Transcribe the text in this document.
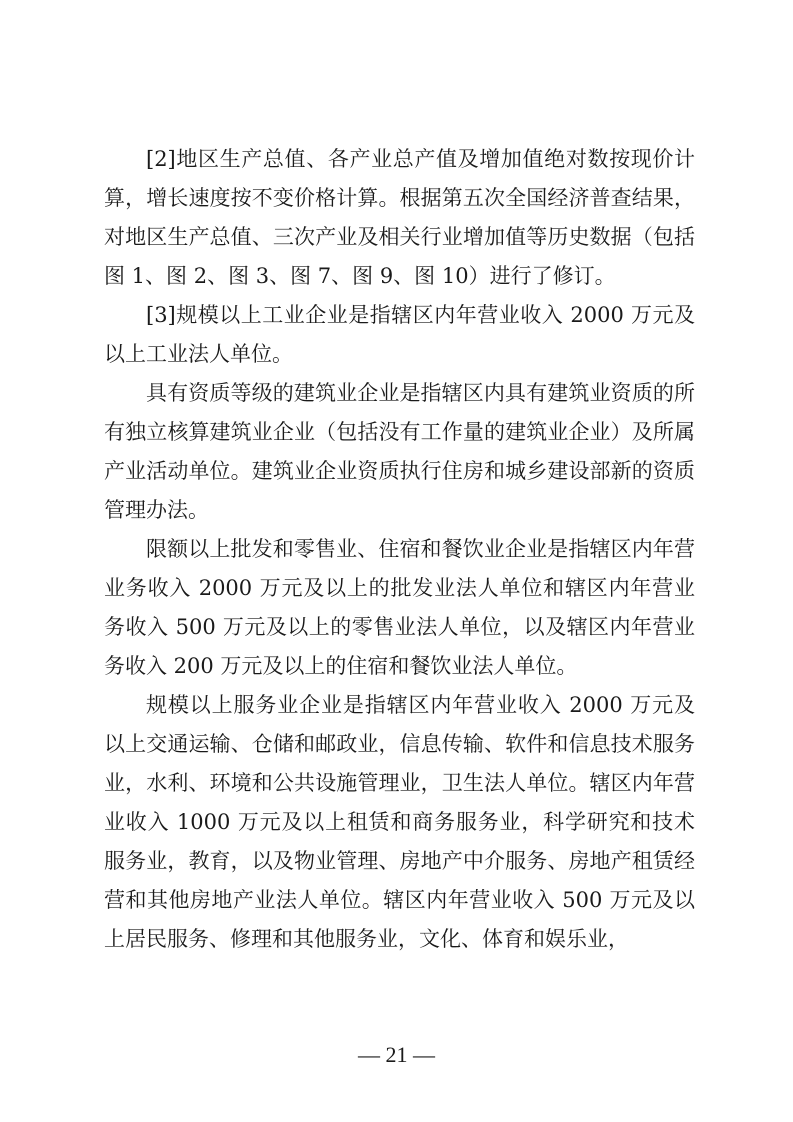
[2]地区生产总值、各产业总产值及增加值绝对数按现价计算，增长速度按不变价格计算。根据第五次全国经济普查结果，对地区生产总值、三次产业及相关行业增加值等历史数据（包括图 1、图 2、图 3、图 7、图 9、图 10）进行了修订。

[3]规模以上工业企业是指辖区内年营业收入 2000 万元及以上工业法人单位。

具有资质等级的建筑业企业是指辖区内具有建筑业资质的所有独立核算建筑业企业（包括没有工作量的建筑业企业）及所属产业活动单位。建筑业企业资质执行住房和城乡建设部新的资质管理办法。

限额以上批发和零售业、住宿和餐饮业企业是指辖区内年营业务收入 2000 万元及以上的批发业法人单位和辖区内年营业务收入 500 万元及以上的零售业法人单位，以及辖区内年营业务收入 200 万元及以上的住宿和餐饮业法人单位。

规模以上服务业企业是指辖区内年营业收入 2000 万元及以上交通运输、仓储和邮政业，信息传输、软件和信息技术服务业，水利、环境和公共设施管理业，卫生法人单位。辖区内年营业收入 1000 万元及以上租赁和商务服务业，科学研究和技术服务业，教育，以及物业管理、房地产中介服务、房地产租赁经营和其他房地产业法人单位。辖区内年营业收入 500 万元及以上居民服务、修理和其他服务业，文化、体育和娱乐业，

— 21 —
